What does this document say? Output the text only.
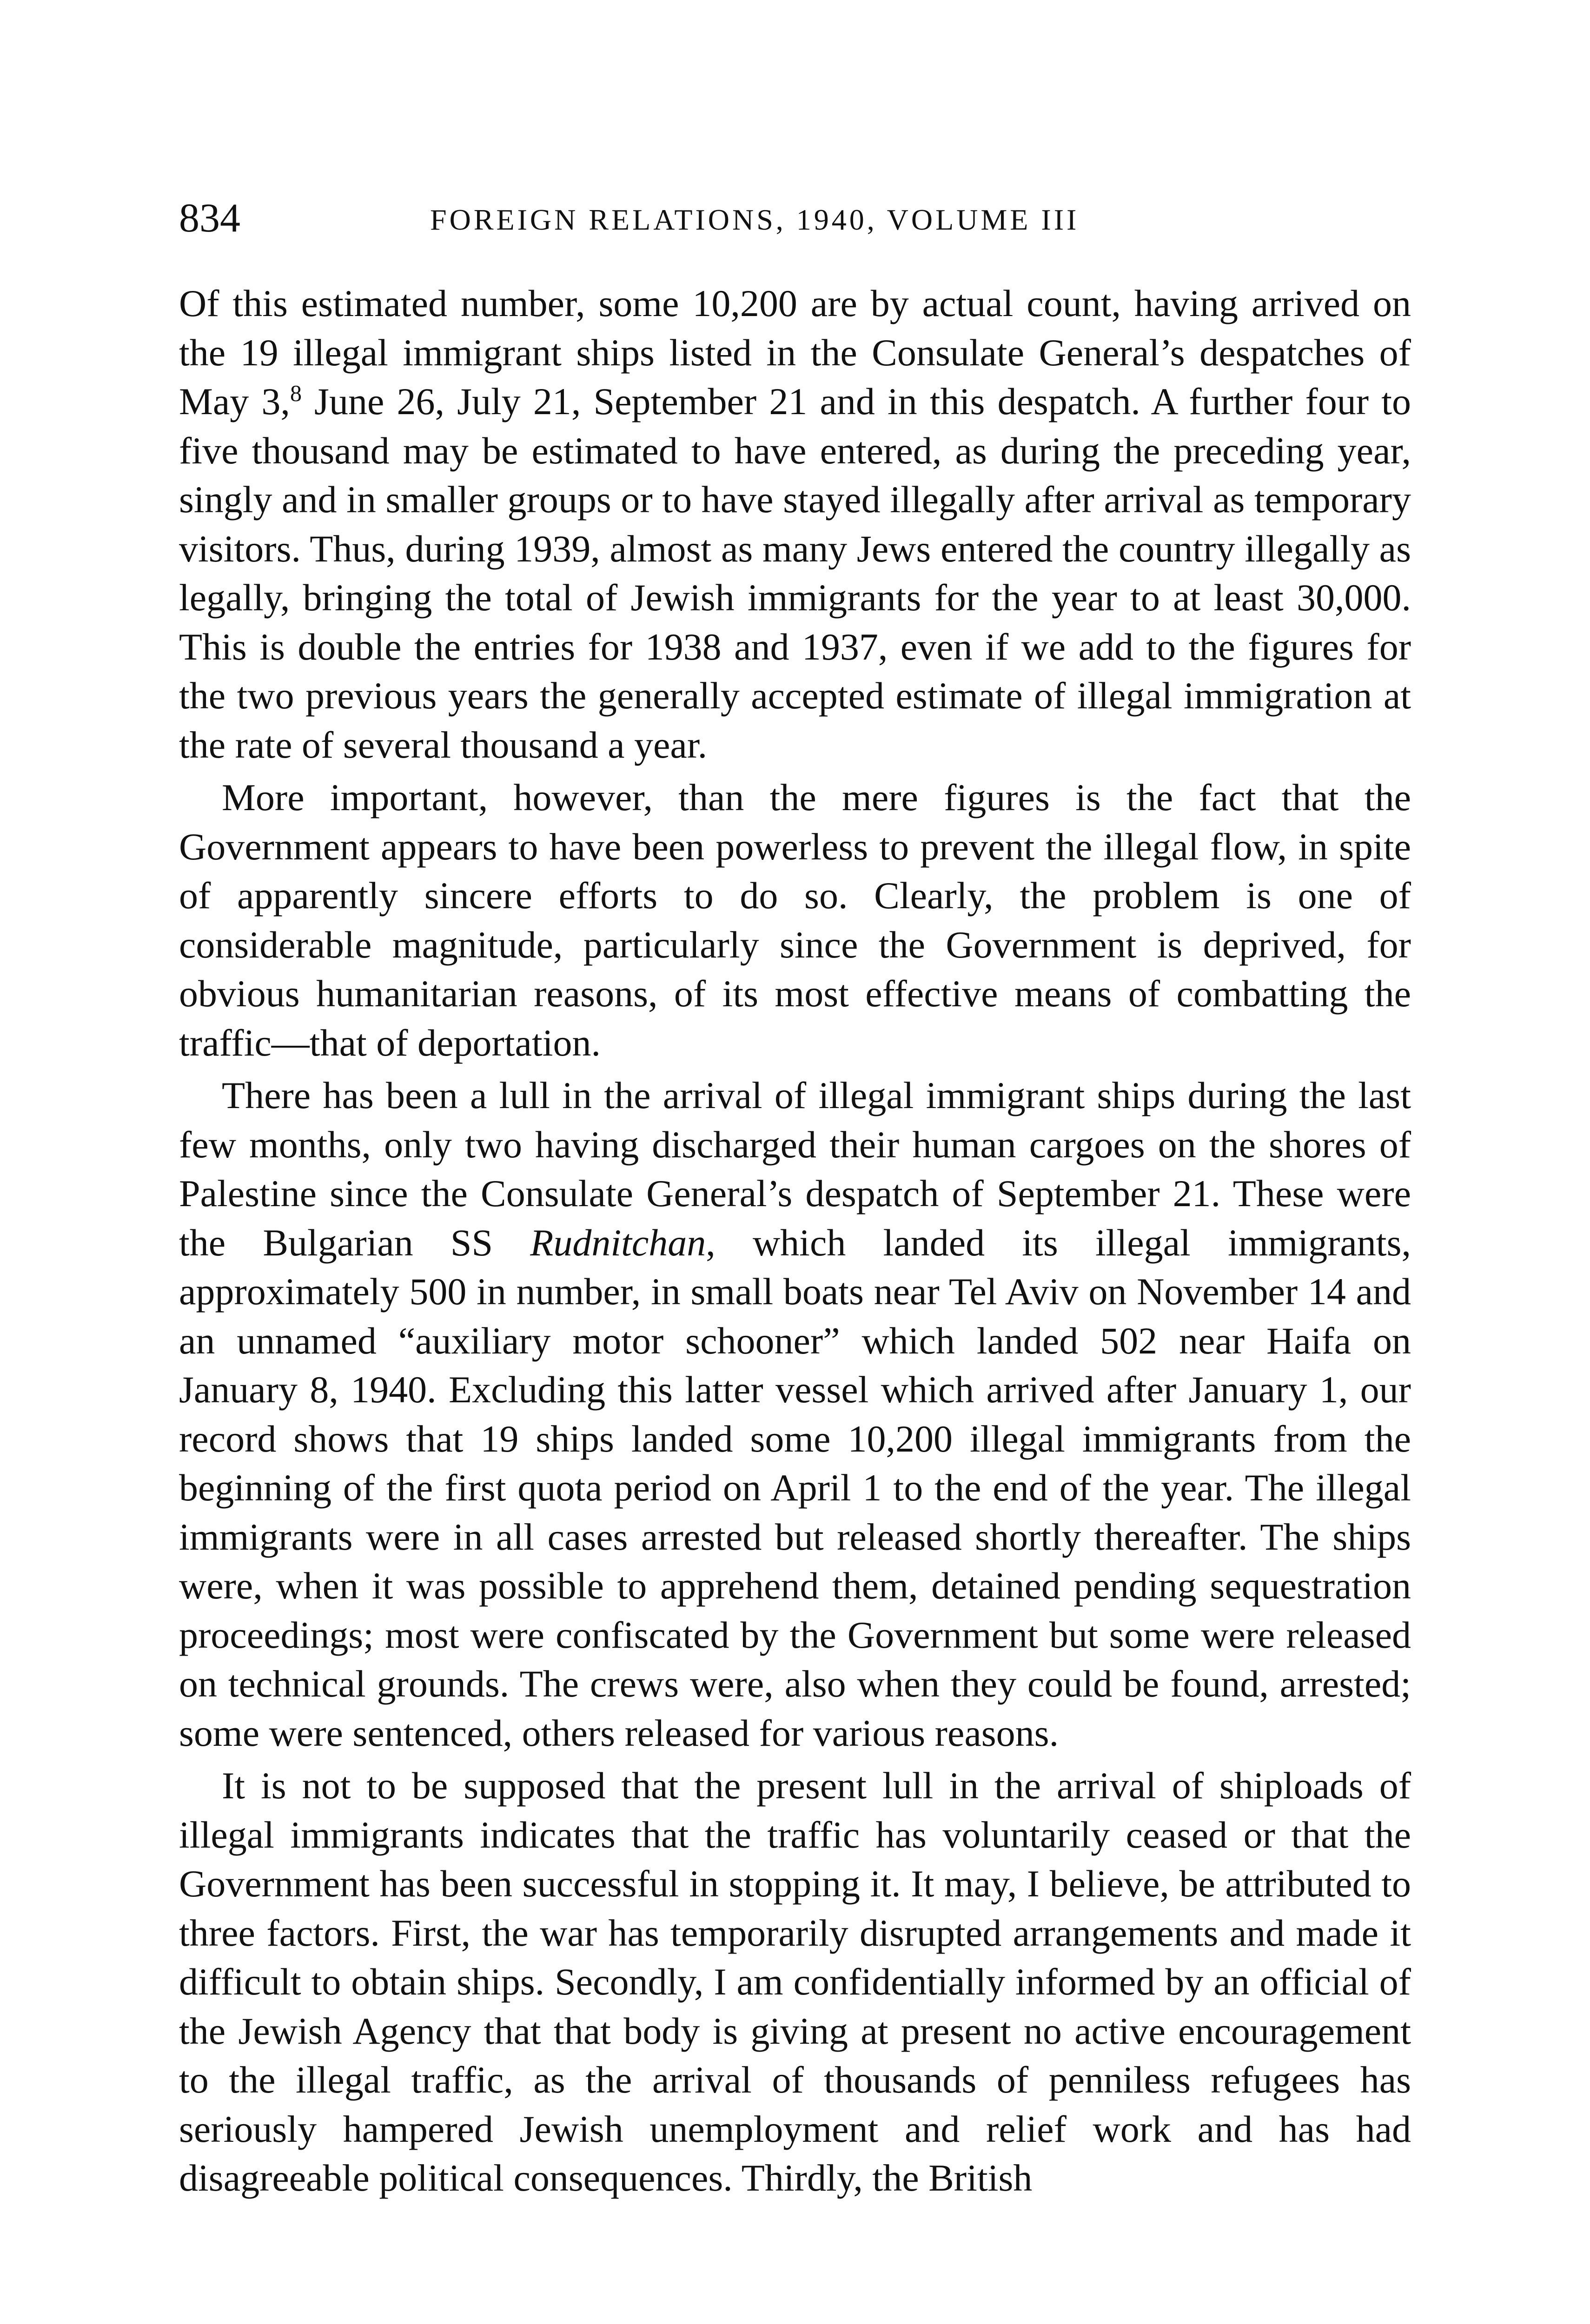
834	FOREIGN RELATIONS, 1940, VOLUME III

Of this estimated number, some 10,200 are by actual count, having arrived on the 19 illegal immigrant ships listed in the Consulate General’s despatches of May 3,$^8$ June 26, July 21, September 21 and in this despatch. A further four to five thousand may be estimated to have entered, as during the preceding year, singly and in smaller groups or to have stayed illegally after arrival as temporary visitors. Thus, during 1939, almost as many Jews entered the country illegally as legally, bringing the total of Jewish immigrants for the year to at least 30,000. This is double the entries for 1938 and 1937, even if we add to the figures for the two previous years the generally accepted estimate of illegal immigration at the rate of several thousand a year.

More important, however, than the mere figures is the fact that the Government appears to have been powerless to prevent the illegal flow, in spite of apparently sincere efforts to do so. Clearly, the problem is one of considerable magnitude, particularly since the Government is deprived, for obvious humanitarian reasons, of its most effective means of combatting the traffic—that of deportation.

There has been a lull in the arrival of illegal immigrant ships during the last few months, only two having discharged their human cargoes on the shores of Palestine since the Consulate General’s despatch of September 21. These were the Bulgarian SS Rudnitchan, which landed its illegal immigrants, approximately 500 in number, in small boats near Tel Aviv on November 14 and an unnamed “auxiliary motor schooner” which landed 502 near Haifa on January 8, 1940. Excluding this latter vessel which arrived after January 1, our record shows that 19 ships landed some 10,200 illegal immigrants from the beginning of the first quota period on April 1 to the end of the year. The illegal immigrants were in all cases arrested but released shortly thereafter. The ships were, when it was possible to apprehend them, detained pending sequestration proceedings; most were confiscated by the Government but some were released on technical grounds. The crews were, also when they could be found, arrested; some were sentenced, others released for various reasons.

It is not to be supposed that the present lull in the arrival of shiploads of illegal immigrants indicates that the traffic has voluntarily ceased or that the Government has been successful in stopping it. It may, I believe, be attributed to three factors. First, the war has temporarily disrupted arrangements and made it difficult to obtain ships. Secondly, I am confidentially informed by an official of the Jewish Agency that that body is giving at present no active encouragement to the illegal traffic, as the arrival of thousands of penniless refugees has seriously hampered Jewish unemployment and relief work and has had disagreeable political consequences. Thirdly, the British
